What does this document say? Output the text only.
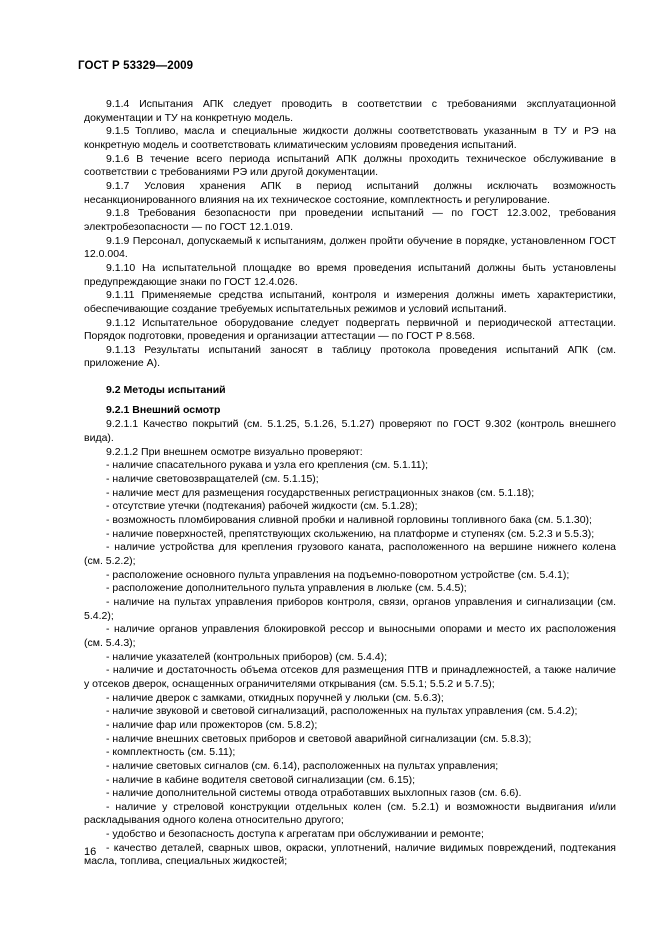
ГОСТ Р 53329—2009

9.1.4 Испытания АПК следует проводить в соответствии с требованиями эксплуатационной документации и ТУ на конкретную модель.

9.1.5 Топливо, масла и специальные жидкости должны соответствовать указанным в ТУ и РЭ на конкретную модель и соответствовать климатическим условиям проведения испытаний.

9.1.6 В течение всего периода испытаний АПК должны проходить техническое обслуживание в соответствии с требованиями РЭ или другой документации.

9.1.7 Условия хранения АПК в период испытаний должны исключать возможность несанкционированного влияния на их техническое состояние, комплектность и регулирование.

9.1.8 Требования безопасности при проведении испытаний — по ГОСТ 12.3.002, требования электробезопасности — по ГОСТ 12.1.019.

9.1.9 Персонал, допускаемый к испытаниям, должен пройти обучение в порядке, установленном ГОСТ 12.0.004.

9.1.10 На испытательной площадке во время проведения испытаний должны быть установлены предупреждающие знаки по ГОСТ 12.4.026.

9.1.11 Применяемые средства испытаний, контроля и измерения должны иметь характеристики, обеспечивающие создание требуемых испытательных режимов и условий испытаний.

9.1.12 Испытательное оборудование следует подвергать первичной и периодической аттестации. Порядок подготовки, проведения и организации аттестации — по ГОСТ Р 8.568.

9.1.13 Результаты испытаний заносят в таблицу протокола проведения испытаний АПК (см. приложение А).

9.2 Методы испытаний

9.2.1 Внешний осмотр

9.2.1.1 Качество покрытий (см. 5.1.25, 5.1.26, 5.1.27) проверяют по ГОСТ 9.302 (контроль внешнего вида).

9.2.1.2 При внешнем осмотре визуально проверяют:

- наличие спасательного рукава и узла его крепления (см. 5.1.11);

- наличие световозвращателей (см. 5.1.15);

- наличие мест для размещения государственных регистрационных знаков (см. 5.1.18);

- отсутствие утечки (подтекания) рабочей жидкости (см. 5.1.28);

- возможность пломбирования сливной пробки и наливной горловины топливного бака (см. 5.1.30);

- наличие поверхностей, препятствующих скольжению, на платформе и ступенях (см. 5.2.3 и 5.5.3);

- наличие устройства для крепления грузового каната, расположенного на вершине нижнего колена (см. 5.2.2);

- расположение основного пульта управления на подъемно-поворотном устройстве (см. 5.4.1);

- расположение дополнительного пульта управления в люльке (см. 5.4.5);

- наличие на пультах управления приборов контроля, связи, органов управления и сигнализации (см. 5.4.2);

- наличие органов управления блокировкой рессор и выносными опорами и место их расположения (см. 5.4.3);

- наличие указателей (контрольных приборов) (см. 5.4.4);

- наличие и достаточность объема отсеков для размещения ПТВ и принадлежностей, а также наличие у отсеков дверок, оснащенных ограничителями открывания (см. 5.5.1; 5.5.2 и 5.7.5);

- наличие дверок с замками, откидных поручней у люльки (см. 5.6.3);

- наличие звуковой и световой сигнализаций, расположенных на пультах управления (см. 5.4.2);

- наличие фар или прожекторов (см. 5.8.2);

- наличие внешних световых приборов и световой аварийной сигнализации (см. 5.8.3);

- комплектность (см. 5.11);

- наличие световых сигналов (см. 6.14), расположенных на пультах управления;

- наличие в кабине водителя световой сигнализации (см. 6.15);

- наличие дополнительной системы отвода отработавших выхлопных газов (см. 6.6).

- наличие у стреловой конструкции отдельных колен (см. 5.2.1) и возможности выдвигания и/или раскладывания одного колена относительно другого;

- удобство и безопасность доступа к агрегатам при обслуживании и ремонте;

- качество деталей, сварных швов, окраски, уплотнений, наличие видимых повреждений, подтекания масла, топлива, специальных жидкостей;

16
